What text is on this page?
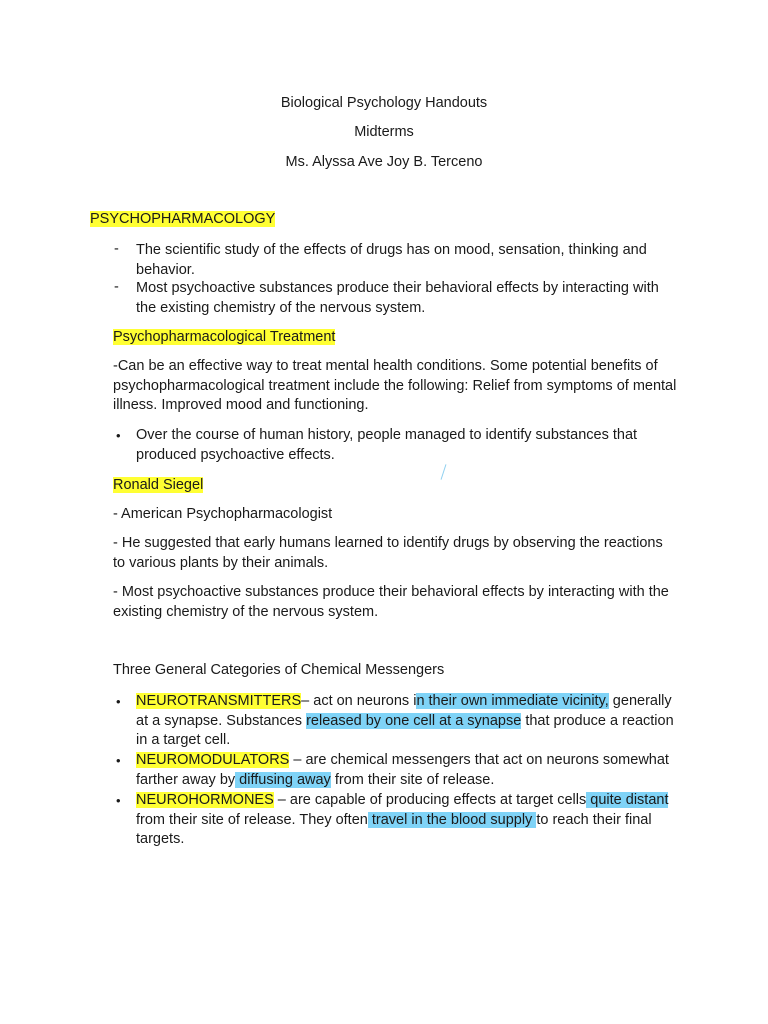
Biological Psychology Handouts
Midterms
Ms. Alyssa Ave Joy B. Terceno
PSYCHOPHARMACOLOGY
-	The scientific study of the effects of drugs has on mood, sensation, thinking and behavior.
-	Most psychoactive substances produce their behavioral effects by interacting with the existing chemistry of the nervous system.
Psychopharmacological Treatment
-Can be an effective way to treat mental health conditions. Some potential benefits of psychopharmacological treatment include the following: Relief from symptoms of mental illness. Improved mood and functioning.
• Over the course of human history, people managed to identify substances that produced psychoactive effects.
Ronald Siegel
- American Psychopharmacologist
- He suggested that early humans learned to identify drugs by observing the reactions to various plants by their animals.
- Most psychoactive substances produce their behavioral effects by interacting with the existing chemistry of the nervous system.
Three General Categories of Chemical Messengers
• NEUROTRANSMITTERS– act on neurons in their own immediate vicinity, generally at a synapse. Substances released by one cell at a synapse that produce a reaction in a target cell.
• NEUROMODULATORS – are chemical messengers that act on neurons somewhat farther away by diffusing away from their site of release.
• NEUROHORMONES – are capable of producing effects at target cells quite distant from their site of release. They often travel in the blood supply to reach their final targets.
